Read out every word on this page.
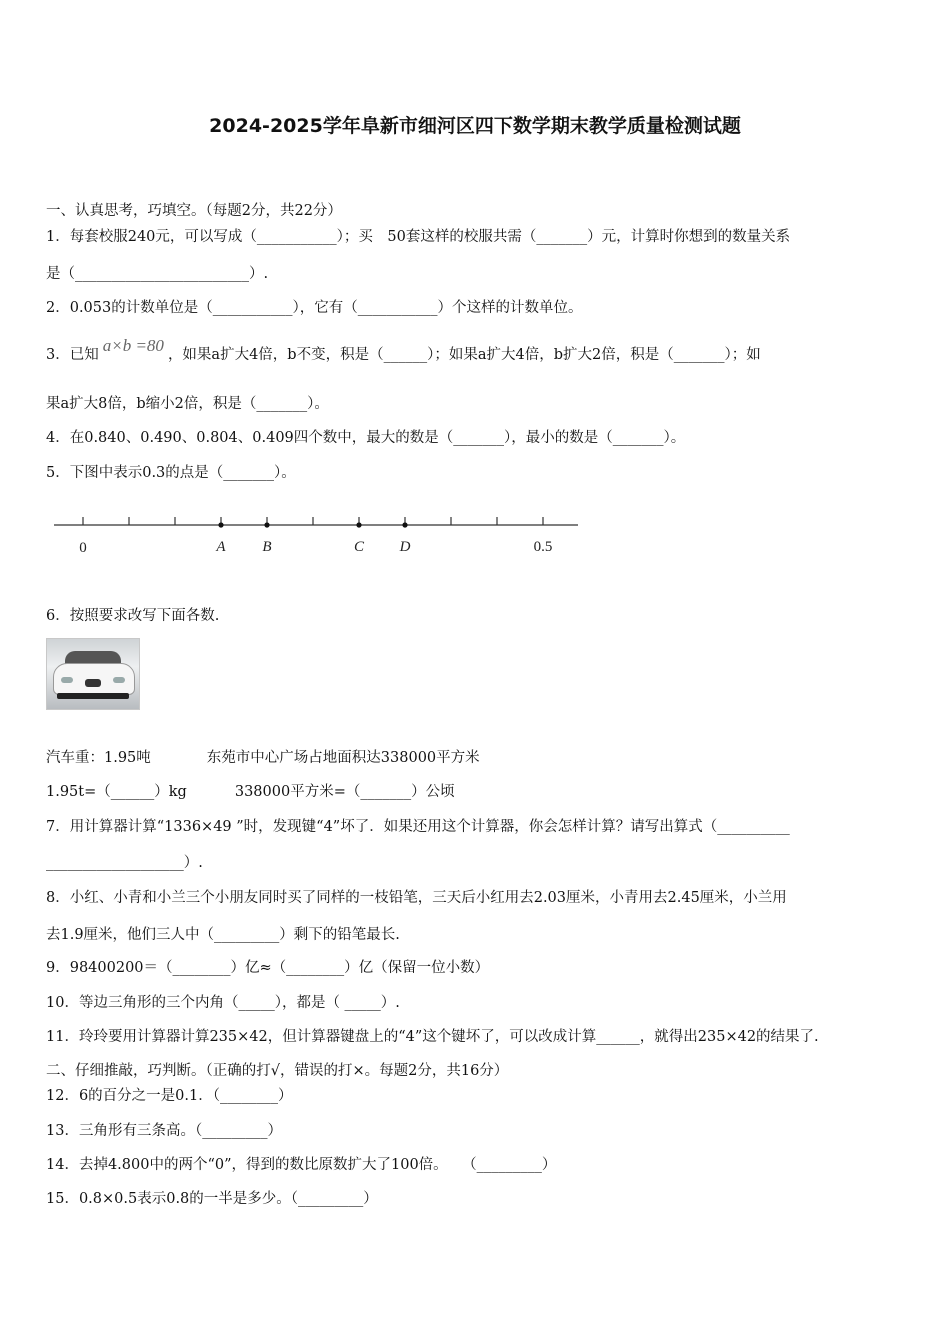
2024-2025学年阜新市细河区四下数学期末教学质量检测试题
一、认真思考，巧填空。（每题2分，共22分）
1．每套校服240元，可以写成（___________）；买　50套这样的校服共需（_______）元，计算时你想到的数量关系
是（________________________）.
2．0.053的计数单位是（___________），它有（___________）个这样的计数单位。
3．已知 a×b =80 ，如果a扩大4倍，b不变，积是（______）；如果a扩大4倍，b扩大2倍，积是（_______）；如
果a扩大8倍，b缩小2倍，积是（_______）。
4．在0.840、0.490、0.804、0.409四个数中，最大的数是（_______），最小的数是（_______）。
5．下图中表示0.3的点是（_______）。
0	A B	C D	0.5
6．按照要求改写下面各数.
汽车重：1.95吨	东苑市中心广场占地面积达338000平方米
1.95t=（______）kg	338000平方米=（_______）公顷
7．用计算器计算“1336×49 ”时，发现键“4”坏了．如果还用这个计算器，你会怎样计算？请写出算式（__________
___________________）.
8．小红、小青和小兰三个小朋友同时买了同样的一枝铅笔，三天后小红用去2.03厘米，小青用去2.45厘米，小兰用
去1.9厘米，他们三人中（_________）剩下的铅笔最长.
9．98400200＝（________）亿≈（________）亿（保留一位小数）
10．等边三角形的三个内角（_____），都是（ _____）.
11．玲玲要用计算器计算235×42，但计算器键盘上的“4”这个键坏了，可以改成计算______，就得出235×42的结果了.
二、仔细推敲，巧判断。（正确的打√，错误的打×。每题2分，共16分）
12．6的百分之一是0.1．（________）
13．三角形有三条高。（_________）
14．去掉4.800中的两个“0”，得到的数比原数扩大了100倍。　　（_________）
15．0.8×0.5表示0.8的一半是多少。（_________）
